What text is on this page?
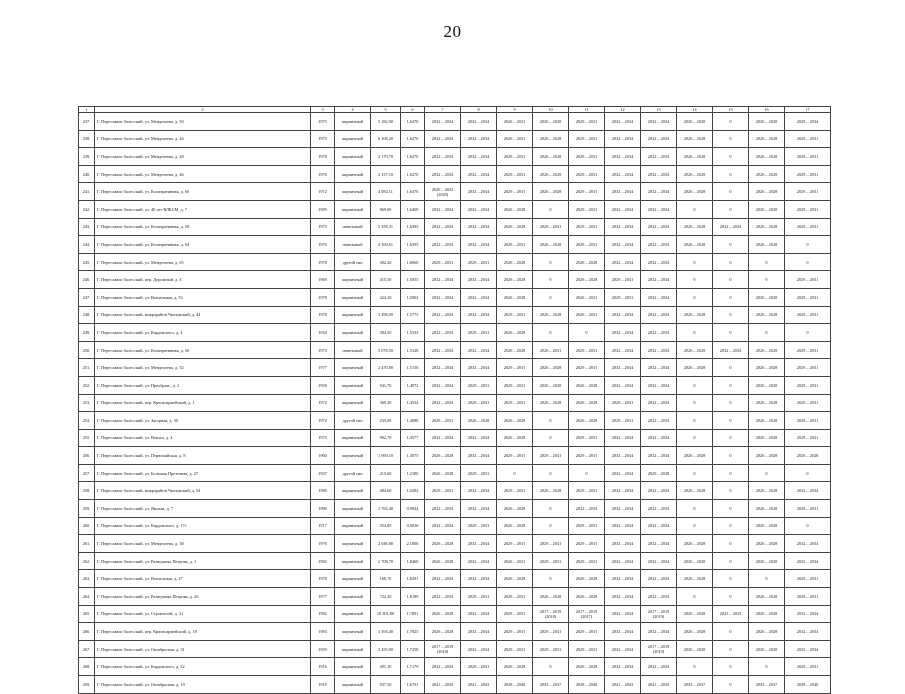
20
1	2	3	4	5	6	7	8	9	10	11	12	13	14	15	16	17
237.	Г. Переславль-Залесский, ул. Менделеева, д. 50	1975	кирпичный	5 182,90	1,6470	2032 – 2034	2032 – 2034	2026 – 2031	2026 – 2028	2029 – 2031	2032 – 2034	2032 – 2034	2026 – 2028	0	2026 – 2028	2029 – 2034
238.	Г. Переславль-Залесский, ул. Менделеева, д. 44	1975	кирпичный	6 108,20	1,6470	2032 – 2034	2032 – 2034	2026 – 2031	2026 – 2028	2029 – 2031	2032 – 2034	2032 – 2034	2026 – 2028	0	2026 – 2028	2029 – 2031
239.	Г. Переславль-Залесский, ул. Менделеева, д. 48	1978	кирпичный	2 179,70	1,6470	2032 – 2034	2032 – 2034	2029 – 2031	2026 – 2028	2029 – 2031	2032 – 2034	2032 – 2034	2026 – 2028	0	2026 – 2028	2029 – 2031
240.	Г. Переславль-Залесский, ул. Менделеева, д. 46	1976	кирпичный	2 137,10	1,6470	2032 – 2034	2032 – 2034	2029 – 2031	2026 – 2028	2029 – 2031	2032 – 2034	2032 – 2034	2026 – 2028	0	2026 – 2028	2029 – 2031
241.	Г. Переславль-Залесский, ул. Кооперативная, д. 60	1972	кирпичный	4 082,11	1,6470	2020 – 2022 (2020)	2032 – 2034	2029 – 2031	2026 – 2028	2029 – 2031	2032 – 2034	2032 – 2034	2026 – 2028	0	2026 – 2028	2029 – 2031
242.	Г. Переславль-Залесский, ул. 40 лет ВЛКСМ, д. 7	1985	кирпичный	869,00	1,6469	2032 – 2034	2032 – 2034	2026 – 2028	0	2029 – 2031	2032 – 2034	2032 – 2034	0	0	2026 – 2028	2029 – 2031
243.	Г. Переславль-Залесский, ул. Кооперативная, д. 58	1975	панельный	5 358,31	1,6395	2032 – 2034	2032 – 2034	2026 – 2028	2029 – 2031	2029 – 2031	2032 – 2034	2032 – 2034	2026 – 2028	2032 – 2034	2026 – 2028	2029 – 2031
244.	Г. Переславль-Залесский, ул. Кооперативная, д. 64	1976	панельный	4 160,61	1,6395	2032 – 2034	2032 – 2034	2029 – 2031	2026 – 2028	2029 – 2031	2032 – 2034	2032 – 2034	2026 – 2028	0	2026 – 2028	0
245.	Г. Переславль-Залесский, ул. Менделеева, д. 65	1978	другой тип	302,26	1,6060	2029 – 2031	2029 – 2031	2026 – 2028	0	2026 – 2028	2032 – 2034	2032 – 2034	0	0	0	0
246.	Г. Переславль-Залесский, пер. Дорожный, д. 4	1969	кирпичный	415,50	1,5835	2032 – 2034	2032 – 2034	2026 – 2028	0	2026 – 2028	2029 – 2031	2032 – 2034	0	0	0	2029 – 2031
247.	Г. Переславль-Залесский, ул. Вокзальная, д. 53	1978	кирпичный	424,10	1,5802	2032 – 2034	2032 – 2034	2026 – 2028	0	2026 – 2031	2029 – 2031	2032 – 2034	0	0	2026 – 2028	2029 – 2031
248.	Г. Переславль-Залесский, микрорайон Чкаловский, д. 44	1978	кирпичный	3 498,00	1,5775	2032 – 2034	2032 – 2034	2029 – 2031	2026 – 2028	2026 – 2031	2032 – 2034	2032 – 2034	2026 – 2028	0	2026 – 2028	2029 – 2031
249.	Г. Переславль-Залесский, ул. Кардовского, д. 4	1934	кирпичный	384,50	1,5333	2032 – 2034	2029 – 2031	2026 – 2028	0	0	2032 – 2034	2032 – 2034	0	0	0	0
250.	Г. Переславль-Залесский, ул. Кооперативная, д. 56	1973	панельный	5 078,50	1,5328	2032 – 2034	2032 – 2034	2026 – 2028	2026 – 2031	2029 – 2031	2032 – 2034	2032 – 2034	2026 – 2028	2032 – 2034	2026 – 2028	2029 – 2031
251.	Г. Переславль-Залесский, ул. Менделеева, д. 52	1977	кирпичный	2 470,80	1,5150	2032 – 2034	2032 – 2034	2029 – 2031	2026 – 2028	2029 – 2031	2032 – 2034	2032 – 2034	2026 – 2028	0	2026 – 2028	2029 – 2031
252.	Г. Переславль-Залесский, ул. Преображ., д. 2	1958	кирпичный	941,70	1,4972	2032 – 2034	2029 – 2031	2029 – 2031	2026 – 2028	2026 – 2028	2032 – 2034	2032 – 2034	0	0	2026 – 2028	2029 – 2031
253.	Г. Переславль-Залесский, пер. Красноармейский, д. 1	1972	кирпичный	369,30	1,4534	2032 – 2034	2029 – 2031	2029 – 2031	2026 – 2028	2026 – 2028	2029 – 2031	2032 – 2034	0	0	2026 – 2028	2026 – 2031
254.	Г. Переславль-Залесский, ул. Загорная, д. 30	1972	другой тип	235,90	1,4088	2029 – 2031	2026 – 2028	2026 – 2028	0	2026 – 2028	2029 – 2031	2032 – 2034	0	0	2026 – 2028	2029 – 2031
255.	Г. Переславль-Залесский, ул. Вокзал, д. 4	1975	кирпичный	902,70	1,3577	2032 – 2034	2032 – 2034	2026 – 2028	0	2029 – 2031	2032 – 2034	2032 – 2034	0	0	2026 – 2028	2029 – 2031
256.	Г. Переславль-Залесский, ул. Первомайская, д. 8	1960	кирпичный	1 069,10	1,3075	2026 – 2028	2032 – 2034	2029 – 2031	2029 – 2031	2029 – 2031	2032 – 2034	2032 – 2034	2026 – 2028	0	2026 – 2028	2026 – 2028
257.	Г. Переславль-Залесский, ул. Большая Протечная, д. 27	1937	другой тип	215,60	1,2180	2026 – 2028	2029 – 2031	0	0	0	2032 – 2034	2029 – 2028	0	0	0	0
258.	Г. Переславль-Залесский, микрорайон Чкаловский, д. 54	1980	кирпичный	484,60	1,0282	2029 – 2031	2032 – 2034	2029 – 2031	2026 – 2028	2029 – 2031	2032 – 2034	2032 – 2034	2026 – 2028	0	2026 – 2028	2032 – 2034
259.	Г. Переславль-Залесский, ул. Ямская, д. 7	1980	кирпичный	1 765,40	0,9844	2032 – 2034	2032 – 2034	2026 – 2028	0	2032 – 2034	2032 – 2034	2032 – 2034	0	0	2026 – 2028	2029 – 2031
260.	Г. Переславль-Залесский, ул. Кардовского, д. 17г	1917	кирпичный	354,80	0,9036	2032 – 2034	2029 – 2031	2026 – 2028	0	2029 – 2031	2032 – 2034	2032 – 2034	0	0	2026 – 2028	0
261.	Г. Переславль-Залесский, ул. Менделеева, д. 38	1976	кирпичный	2 046,80	2,1800	2026 – 2028	2032 – 2034	2029 – 2031	2029 – 2031	2029 – 2031	2032 – 2034	2032 – 2034	2026 – 2028	0	2026 – 2028	2032 – 2034
262.	Г. Переславль-Залесский, ул. Разведчика Петрова, д. 1	1982	кирпичный	2 708,70	1,8460	2026 – 2028	2032 – 2034	2026 – 2031	2029 – 2031	2029 – 2031	2032 – 2034	2032 – 2034	2026 – 2028	0	2026 – 2028	2032 – 2034
263.	Г. Переславль-Залесский, ул. Вокзальная, д. 27	1978	кирпичный	168,70	1,8291	2032 – 2034	2032 – 2034	2026 – 2028	0	2026 – 2028	2032 – 2034	2032 – 2034	2026 – 2028	0	0	2029 – 2031
264.	Г. Переславль-Залесский, ул. Разведчика Петрова, д. 2б	1977	кирпичный	722,20	1,8189	2032 – 2034	2029 – 2031	2029 – 2031	2026 – 2028	2026 – 2028	2032 – 2034	2032 – 2034	0	0	2026 – 2028	2029 – 2031
265.	Г. Переславль-Залесский, ул. Строителей, д. 31	1982	кирпичный	10 301,80	1,7891	2026 – 2028	2032 – 2034	2029 – 2031	2017 – 2019 (2018)	2017 – 2019 (2017)	2032 – 2034	2017 – 2019 (2019)	2026 – 2028	2023 – 2025	2026 – 2028	2032 – 2034
266.	Г. Переславль-Залесский, пер. Красноармейский, д. 18	1983	кирпичный	3 394,40	1,7825	2026 – 2028	2032 – 2034	2029 – 2031	2029 – 2031	2029 – 2031	2032 – 2034	2032 – 2034	2026 – 2028	0	2026 – 2028	2032 – 2034
267.	Г. Переславль-Залесский, ул. Октябрьская, д. 31	1959	кирпичный	3 455,90	1,7258	2017 – 2019 (2018)	2032 – 2034	2029 – 2031	2029 – 2031	2029 – 2031	2032 – 2034	2017 – 2019 (2019)	2026 – 2028	0	2026 – 2028	2032 – 2034
268.	Г. Переславль-Залесский, ул. Кардовского, д. 32	1916	кирпичный	491,10	1,7179	2032 – 2034	2029 – 2031	2026 – 2028	0	2026 – 2028	2032 – 2034	2032 – 2034	0	0	0	2029 – 2031
269.	Г. Переславль-Залесский, ул. Октябрьская, д. 19	1919	кирпичный	937,50	1,6791	2041 – 2043	2041 – 2043	2038 – 2040	2035 – 2037	2038 – 2040	2041 – 2043	2041 – 2043	2035 – 2037	0	2035 – 2037	2038 – 2040
